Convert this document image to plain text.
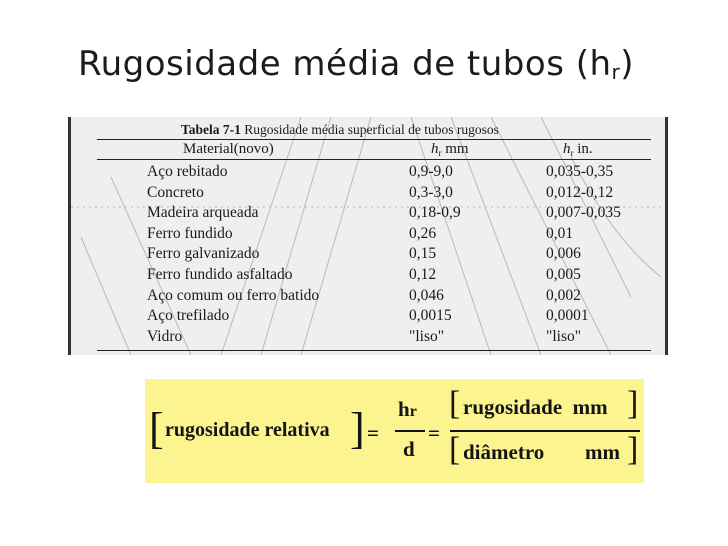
Rugosidade média de tubos $(h_r)$
Tabela 7-1 Rugosidade média superficial de tubos rugosos
Material(novo)	$h_r$ mm	$h_r$ in.
Aço rebitado	0,9-9,0	0,035-0,35
Concreto	0,3-3,0	0,012-0,12
Madeira arqueada	0,18-0,9	0,007-0,035
Ferro fundido	0,26	0,01
Ferro galvanizado	0,15	0,006
Ferro fundido asfaltado	0,12	0,005
Aço comum ou ferro batido	0,046	0,002
Aço trefilado	0,0015	0,0001
Vidro	"liso"	"liso"
[ rugosidade relativa ] =
hr
d
=
[ rugosidade  mm ]
[ diâmetro mm ]
